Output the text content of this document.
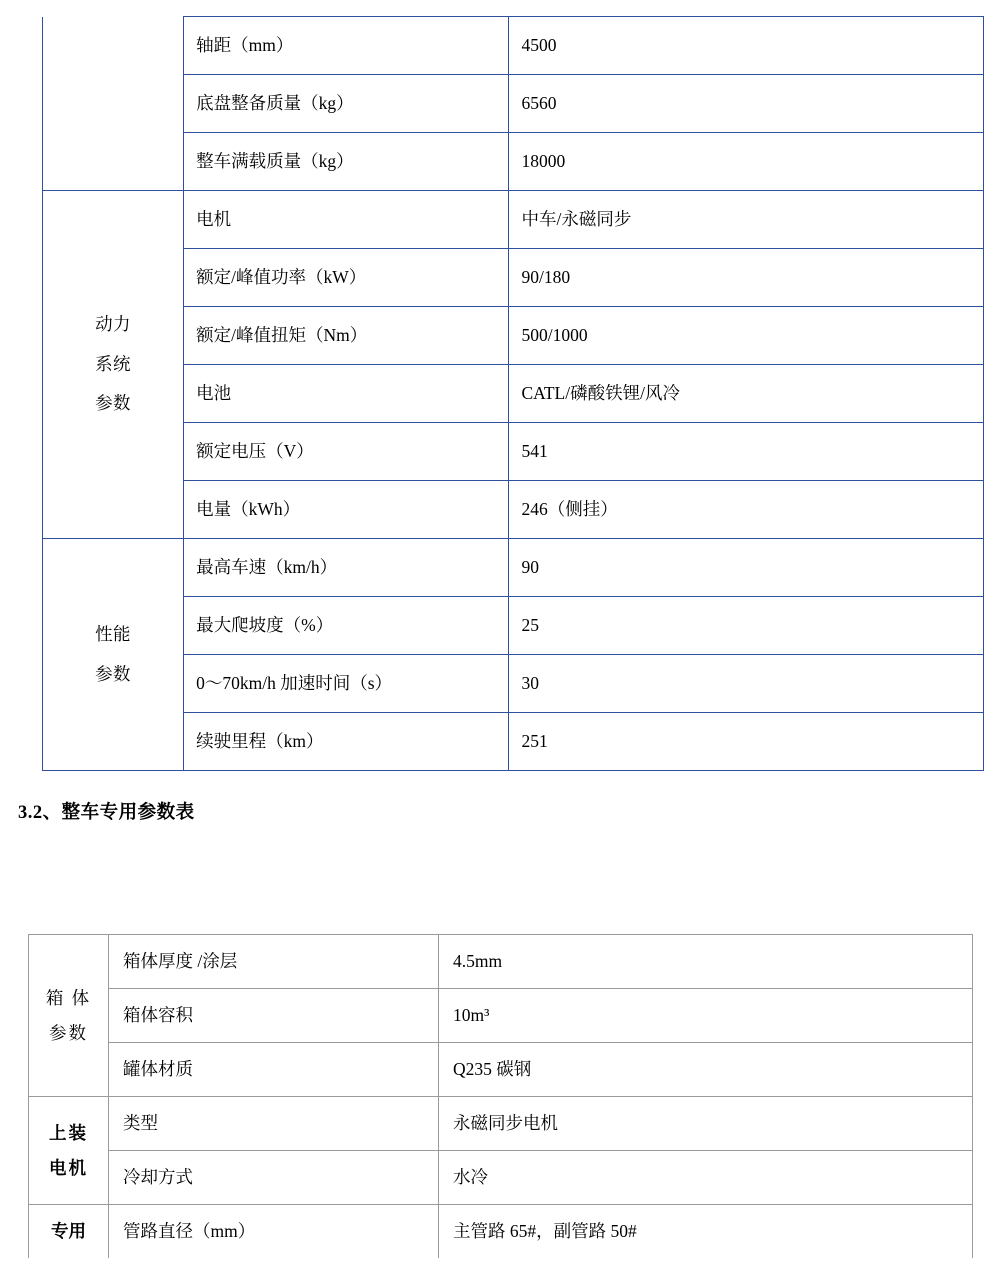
	轴距（mm）	4500
	底盘整备质量（kg）	6560
	整车满载质量（kg）	18000

动力
系统
参数	电机	中车/永磁同步
	额定/峰值功率（kW）	90/180
	额定/峰值扭矩（Nm）	500/1000
	电池	CATL/磷酸铁锂/风冷
	额定电压（V）	541
	电量（kWh）	246（侧挂）

性能
参数	最高车速（km/h）	90
	最大爬坡度（%）	25
	0～70km/h 加速时间（s）	30
	续驶里程（km）	251
3.2、整车专用参数表
箱 体
参数	箱体厚度 /涂层	4.5mm
	箱体容积	10m³
	罐体材质	Q235 碳钢

上装
电机	类型	永磁同步电机
	冷却方式	水冷
专用	管路直径（mm）	主管路 65#，副管路 50#
